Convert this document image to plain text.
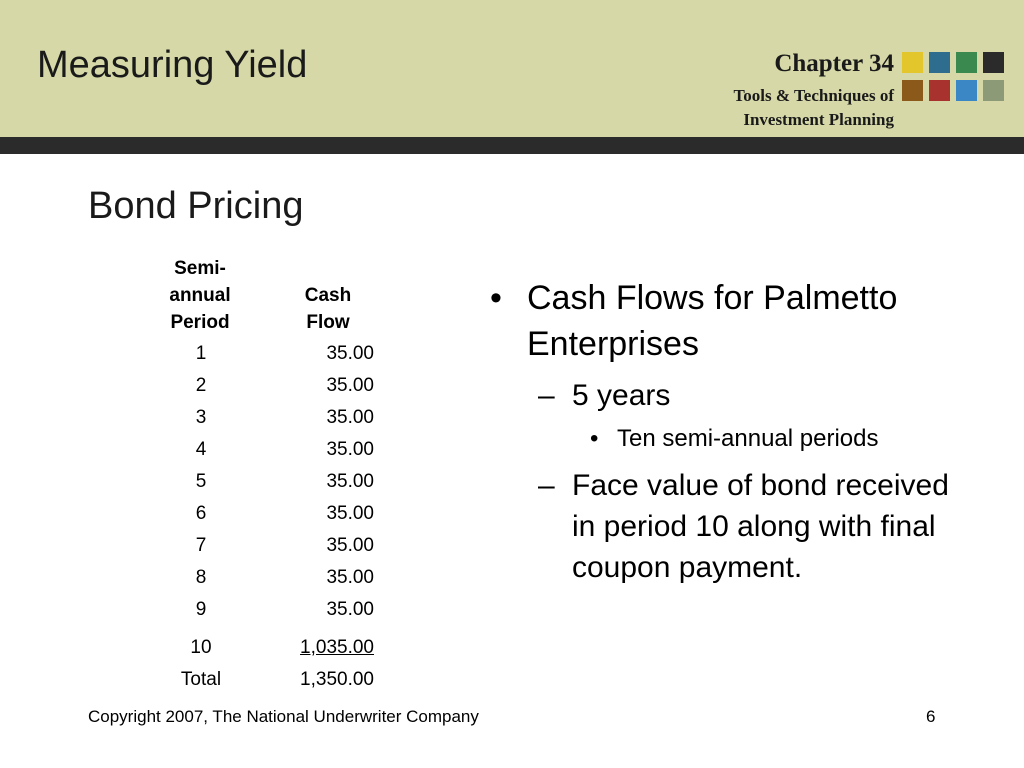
Measuring Yield	Chapter 34
Tools & Techniques of
Investment Planning
Bond Pricing
Semi-
annual
Period
Cash
Flow
1	35.00
2	35.00
3	35.00
4	35.00
5	35.00
6	35.00
7	35.00
8	35.00
9	35.00
10	1,035.00
Total	1,350.00
• Cash Flows for Palmetto Enterprises
– 5 years
• Ten semi-annual periods
– Face value of bond received in period 10 along with final coupon payment.
Copyright 2007, The National Underwriter Company	6
